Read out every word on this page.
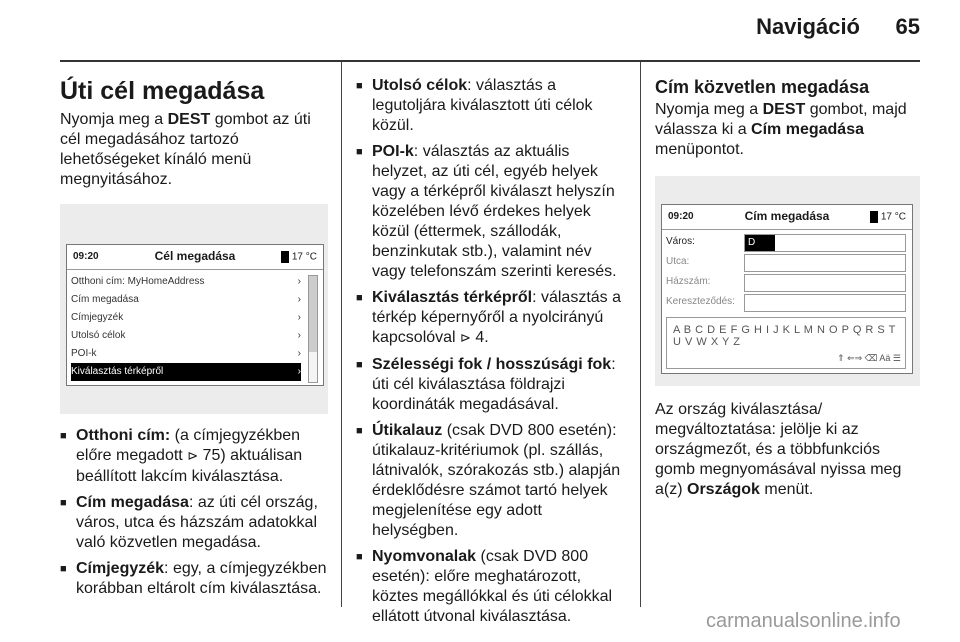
Navigáció	65
Úti cél megadása

Nyomja meg a DEST gombot az úti cél megadásához tartozó lehetőségeket kínáló menü megnyitásához.

09:20	Cél megadása	17 °C
Otthoni cím: MyHomeAddress	›
Cím megadása	›
Címjegyzék	›
Utolsó célok	›
POI-k	›
Kiválasztás térképről	›
■ Otthoni cím: (a címjegyzékben előre megadott ⊳ 75) aktuálisan beállított lakcím kiválasztása.
■ Cím megadása: az úti cél ország, város, utca és házszám adatokkal való közvetlen megadása.
■ Címjegyzék: egy, a címjegyzékben korábban eltárolt cím kiválasztása.
■ Utolsó célok: választás a legutoljára kiválasztott úti célok közül.
■ POI-k: választás az aktuális helyzet, az úti cél, egyéb helyek vagy a térképről kiválaszt helyszín közelében lévő érdekes helyek közül (éttermek, szállodák, benzinkutak stb.), valamint név vagy telefonszám szerinti keresés.
■ Kiválasztás térképről: választás a térkép képernyőről a nyolcirányú kapcsolóval ⊳ 4.
■ Szélességi fok / hosszúsági fok: úti cél kiválasztása földrajzi koordináták megadásával.
■ Útikalauz (csak DVD 800 esetén): útikalauz-kritériumok (pl. szállás, látnivalók, szórakozás stb.) alapján érdeklődésre számot tartó helyek megjelenítése egy adott helységben.
■ Nyomvonalak (csak DVD 800 esetén): előre meghatározott, köztes megállókkal és úti célokkal ellátott útvonal kiválasztása.
Cím közvetlen megadása

Nyomja meg a DEST gombot, majd válassza ki a Cím megadása menüpontot.

09:20	Cím megadása	17 °C
Város:	D
Utca:
Házszám:
Kereszteződés:
A B C D E F G H I J K L M N O P Q R S T U V W X Y Z
⇑ ⇐⇒ ⌫ Aä ☰

Az ország kiválasztása/ megváltoztatása: jelölje ki az országmezőt, és a többfunkciós gomb megnyomásával nyissa meg a(z) Országok menüt.

carmanualsonline.info
